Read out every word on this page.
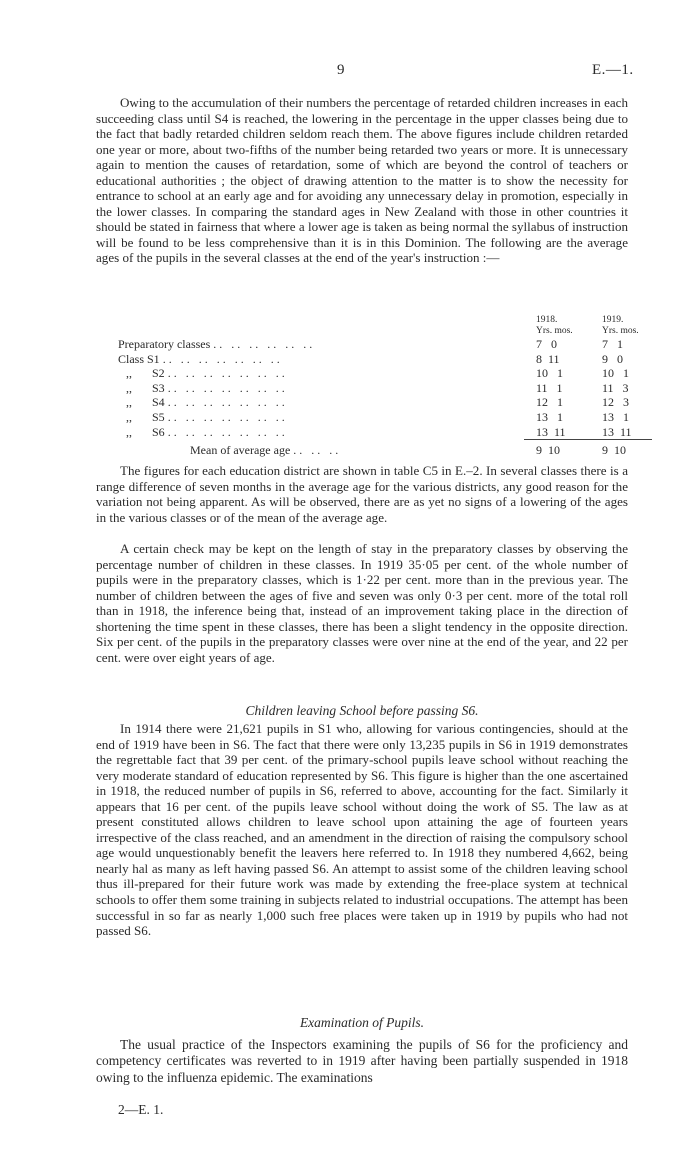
9	E.—1.

Owing to the accumulation of their numbers the percentage of retarded children increases in each succeeding class until S4 is reached, the lowering in the percentage in the upper classes being due to the fact that badly retarded children seldom reach them. The above figures include children retarded one year or more, about two-fifths of the number being retarded two years or more. It is unnecessary again to mention the causes of retardation, some of which are beyond the control of teachers or educational authorities ; the object of drawing attention to the matter is to show the necessity for entrance to school at an early age and for avoiding any unnecessary delay in promotion, especially in the lower classes. In comparing the standard ages in New Zealand with those in other countries it should be stated in fairness that where a lower age is taken as being normal the syllabus of instruction will be found to be less comprehensive than it is in this Dominion. The following are the average ages of the pupils in the several classes at the end of the year's instruction :—

	1918.	1919.
	Yrs. mos.	Yrs. mos.
Preparatory classes .. .. .. .. .. ..	7   0	7   1
Class S1 .. .. .. .. .. .. ..	8  11	9   0
,, S2 .. .. .. .. .. .. ..	10   1	10   1
,, S3 .. .. .. .. .. .. ..	11   1	11   3
,, S4 .. .. .. .. .. .. ..	12   1	12   3
,, S5 .. .. .. .. .. .. ..	13   1	13   1
,, S6 .. .. .. .. .. .. ..	13  11	13  11
Mean of average age .. .. ..	9  10	9  10

The figures for each education district are shown in table C5 in E.–2. In several classes there is a range difference of seven months in the average age for the various districts, any good reason for the variation not being apparent. As will be observed, there are as yet no signs of a lowering of the ages in the various classes or of the mean of the average age.

A certain check may be kept on the length of stay in the preparatory classes by observing the percentage number of children in these classes. In 1919 35·05 per cent. of the whole number of pupils were in the preparatory classes, which is 1·22 per cent. more than in the previous year. The number of children between the ages of five and seven was only 0·3 per cent. more of the total roll than in 1918, the inference being that, instead of an improvement taking place in the direction of shortening the time spent in these classes, there has been a slight tendency in the opposite direction. Six per cent. of the pupils in the preparatory classes were over nine at the end of the year, and 22 per cent. were over eight years of age.

Children leaving School before passing S6.

In 1914 there were 21,621 pupils in S1 who, allowing for various contingencies, should at the end of 1919 have been in S6. The fact that there were only 13,235 pupils in S6 in 1919 demonstrates the regrettable fact that 39 per cent. of the primary-school pupils leave school without reaching the very moderate standard of education represented by S6. This figure is higher than the one ascertained in 1918, the reduced number of pupils in S6, referred to above, accounting for the fact. Similarly it appears that 16 per cent. of the pupils leave school without doing the work of S5. The law as at present constituted allows children to leave school upon attaining the age of fourteen years irrespective of the class reached, and an amendment in the direction of raising the compulsory school age would unquestionably benefit the leavers here referred to. In 1918 they numbered 4,662, being nearly hal as many as left having passed S6. An attempt to assist some of the children leaving school thus ill-prepared for their future work was made by extending the free-place system at technical schools to offer them some training in subjects related to industrial occupations. The attempt has been successful in so far as nearly 1,000 such free places were taken up in 1919 by pupils who had not passed S6.

Examination of Pupils.

The usual practice of the Inspectors examining the pupils of S6 for the proficiency and competency certificates was reverted to in 1919 after having been partially suspended in 1918 owing to the influenza epidemic. The examinations

2—E. 1.
